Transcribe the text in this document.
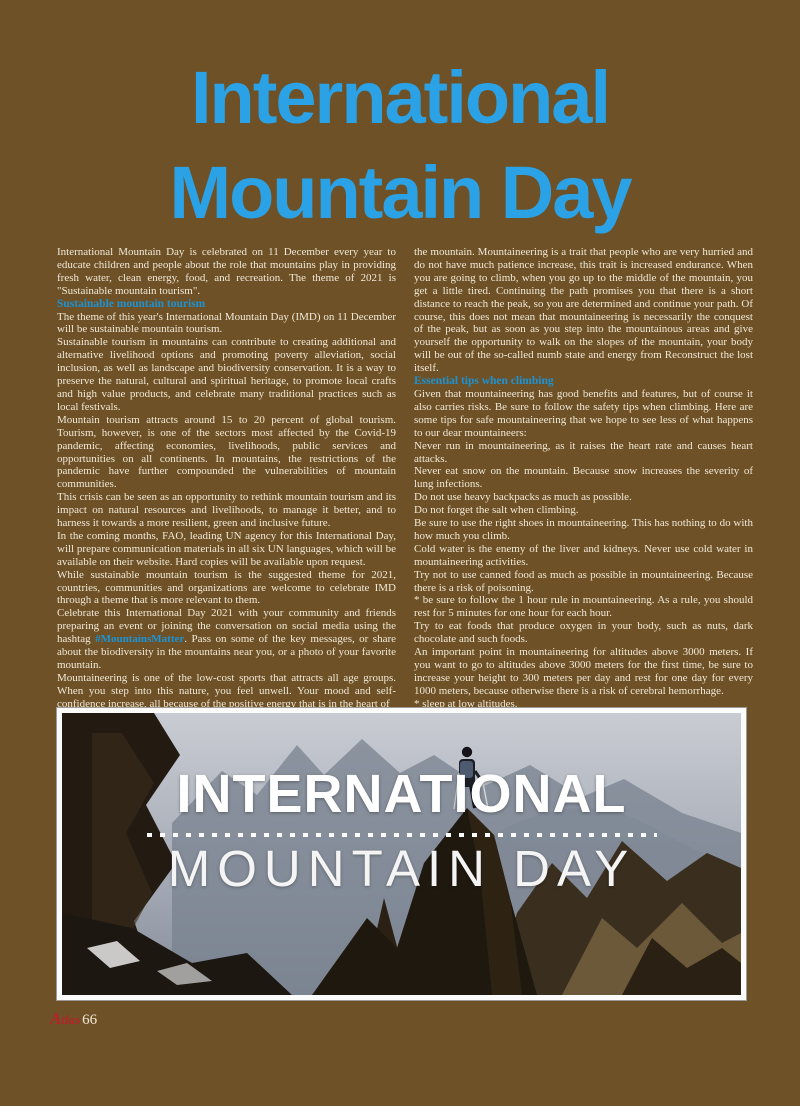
International
Mountain Day

International Mountain Day is celebrated on 11 December every year to educate children and people about the role that mountains play in providing fresh water, clean energy, food, and recreation. The theme of 2021 is "Sustainable mountain tourism".

Sustainable mountain tourism

The theme of this year's International Mountain Day (IMD) on 11 December will be sustainable mountain tourism.

Sustainable tourism in mountains can contribute to creating additional and alternative livelihood options and promoting poverty alleviation, social inclusion, as well as landscape and biodiversity conservation. It is a way to preserve the natural, cultural and spiritual heritage, to promote local crafts and high value products, and celebrate many traditional practices such as local festivals.

Mountain tourism attracts around 15 to 20 percent of global tourism. Tourism, however, is one of the sectors most affected by the Covid-19 pandemic, affecting economies, livelihoods, public services and opportunities on all continents. In mountains, the restrictions of the pandemic have further compounded the vulnerabilities of mountain communities.

This crisis can be seen as an opportunity to rethink mountain tourism and its impact on natural resources and livelihoods, to manage it better, and to harness it towards a more resilient, green and inclusive future.

In the coming months, FAO, leading UN agency for this International Day, will prepare communication materials in all six UN languages, which will be available on their website. Hard copies will be available upon request.

While sustainable mountain tourism is the suggested theme for 2021, countries, communities and organizations are welcome to celebrate IMD through a theme that is more relevant to them.

Celebrate this International Day 2021 with your community and friends preparing an event or joining the conversation on social media using the hashtag #MountainsMatter. Pass on some of the key messages, or share about the biodiversity in the mountains near you, or a photo of your favorite mountain.

Mountaineering is one of the low-cost sports that attracts all age groups. When you step into this nature, you feel unwell. Your mood and self-confidence increase, all because of the positive energy that is in the heart of

the mountain. Mountaineering is a trait that people who are very hurried and do not have much patience increase, this trait is increased endurance. When you are going to climb, when you go up to the middle of the mountain, you get a little tired. Continuing the path promises you that there is a short distance to reach the peak, so you are determined and continue your path. Of course, this does not mean that mountaineering is necessarily the conquest of the peak, but as soon as you step into the mountainous areas and give yourself the opportunity to walk on the slopes of the mountain, your body will be out of the so-called numb state and energy from Reconstruct the lost itself.

Essential tips when climbing

Given that mountaineering has good benefits and features, but of course it also carries risks. Be sure to follow the safety tips when climbing. Here are some tips for safe mountaineering that we hope to see less of what happens to our dear mountaineers:

Never run in mountaineering, as it raises the heart rate and causes heart attacks.

Never eat snow on the mountain. Because snow increases the severity of lung infections.

Do not use heavy backpacks as much as possible.

Do not forget the salt when climbing.

Be sure to use the right shoes in mountaineering. This has nothing to do with how much you climb.

Cold water is the enemy of the liver and kidneys. Never use cold water in mountaineering activities.

Try not to use canned food as much as possible in mountaineering. Because there is a risk of poisoning.

* be sure to follow the 1 hour rule in mountaineering. As a rule, you should rest for 5 minutes for one hour for each hour.

Try to eat foods that produce oxygen in your body, such as nuts, dark chocolate and such foods.

An important point in mountaineering for altitudes above 3000 meters. If you want to go to altitudes above 3000 meters for the first time, be sure to increase your height to 300 meters per day and rest for one day for every 1000 meters, because otherwise there is a risk of cerebral hemorrhage.

* sleep at low altitudes.

INTERNATIONAL
MOUNTAIN DAY
Atlas 66
